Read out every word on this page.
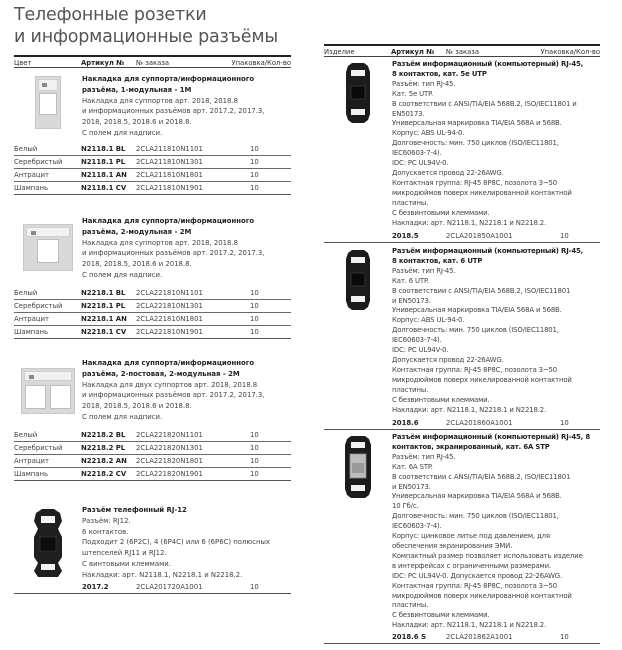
Телефонные розетки
и информационные разъёмы
Цвет	Артикул № № заказа	Упаковка/Кол-во
Накладка для суппорта/информационного
разъёма, 1-модульная - 1М
Накладка для суппортов арт. 2018, 2018.8
и информационных разъёмов арт. 2017.2, 2017.3,
2018, 2018.5, 2018.6 и 2018.8.
С полем для надписи.
Белый	N2118.1 BL 2CLA211810N1101	10
Серебристый	N2118.1 PL 2CLA211810N1301	10
Антрацит	N2118.1 AN 2CLA211810N1801	10
Шампань	N2118.1 CV 2CLA211810N1901	10
Накладка для суппорта/информационного
разъёма, 2-модульная - 2М
Накладка для суппортов арт. 2018, 2018.8
и информационных разъёмов арт. 2017.2, 2017.3,
2018, 2018.5, 2018.6 и 2018.8.
С полем для надписи.
Белый	N2218.1 BL 2CLA221810N1101	10
Серебристый	N2218.1 PL 2CLA221810N1301	10
Антрацит	N2218.1 AN 2CLA221810N1801	10
Шампань	N2218.1 CV 2CLA221810N1901	10
Накладка для суппорта/информационного
разъёма, 2-постовая, 2-модульная - 2М
Накладка для двух суппортов арт. 2018, 2018.8
и информационных разъёмов арт. 2017.2, 2017.3,
2018, 2018.5, 2018.6 и 2018.8.
С полем для надписи.
Белый	N2218.2 BL 2CLA221820N1101	10
Серебристый	N2218.2 PL 2CLA221820N1301	10
Антрацит	N2218.2 AN 2CLA221820N1801	10
Шампань	N2218.2 CV 2CLA221820N1901	10
Разъём телефонный RJ-12
Разъём: RJ12.
6 контактов.
Подходит 2 (6P2C), 4 (6P4C) или 6 (6P6C) полюсных
штепселей RJ11 и RJ12.
С винтовыми клеммами.
Накладки: арт. N2118.1, N2218.1 и N2218.2.
2017.2	2CLA201720A1001	10
Изделие	Артикул № № заказа	Упаковка/Кол-во
Разъём информационный (компьютерный) RJ-45,
8 контактов, кат. 5е UTP
Разъём: тип RJ-45.
Кат. 5е UTP.
В соответствии с ANSI/TIA/EIA 568B.2, ISO/IEC11801 и
EN50173.
Универсальная маркировка TIA/EIA 568A и 568B.
Корпус: ABS UL-94-0.
Долговечность: мин. 750 циклов (ISO/IEC11801,
IEC60603-7-4).
IDC: PC UL94V-0.
Допускается провод 22-26AWG.
Контактная группа: RJ-45 8P8C, позолота 3~50
микродюймов поверх никелированной контактной
пластины.
С безвинтовыми клеммами.
Накладки: арт. N2118.1, N2218.1 и N2218.2.
2018.5	2CLA201850A1001	10
Разъём информационный (компьютерный) RJ-45,
8 контактов, кат. 6 UTP
Разъём: тип RJ-45.
Кат. 6 UTP.
В соответствии с ANSI/TIA/EIA 568B.2, ISO/IEC11801
и EN50173.
Универсальная маркировка TIA/EIA 568A и 568B.
Корпус: ABS UL-94-0.
Долговечность: мин. 750 циклов (ISO/IEC11801,
IEC60603-7-4).
IDC: PC UL94V-0.
Допускается провод 22-26AWG.
Контактная группа: RJ-45 8P8C, позолота 3~50
микродюймов поверх никелированной контактной
пластины.
С безвинтовыми клеммами.
Накладки: арт. N2118.1, N2218.1 и N2218.2.
2018.6	2CLA201860A1001	10
Разъём информационный (компьютерный) RJ-45, 8
контактов, экранированный, кат. 6А STP
Разъём: тип RJ-45.
Кат. 6А STP.
В соответствии с ANSI/TIA/EIA 568B.2, ISO/IEC11801
и EN50173.
Универсальная маркировка TIA/EIA 568A и 568B.
10 Гб/с.
Долговечность: мин. 750 циклов (ISO/IEC11801,
IEC60603-7-4).
Корпус: цинковое литье под давлением, для
обеспечения экранирования ЭМИ.
Компактный размер позволяет использовать изделие
в интерфейсах с ограниченными размерами.
IDC: PC UL94V-0. Допускается провод 22-26AWG.
Контактная группа: RJ-45 8P8C, позолота 3~50
микродюймов поверх никелированной контактной
пластины.
С безвинтовыми клеммами.
Накладки: арт. N2118.1, N2218.1 и N2218.2.
2018.6 S	2CLA201862A1001	10
